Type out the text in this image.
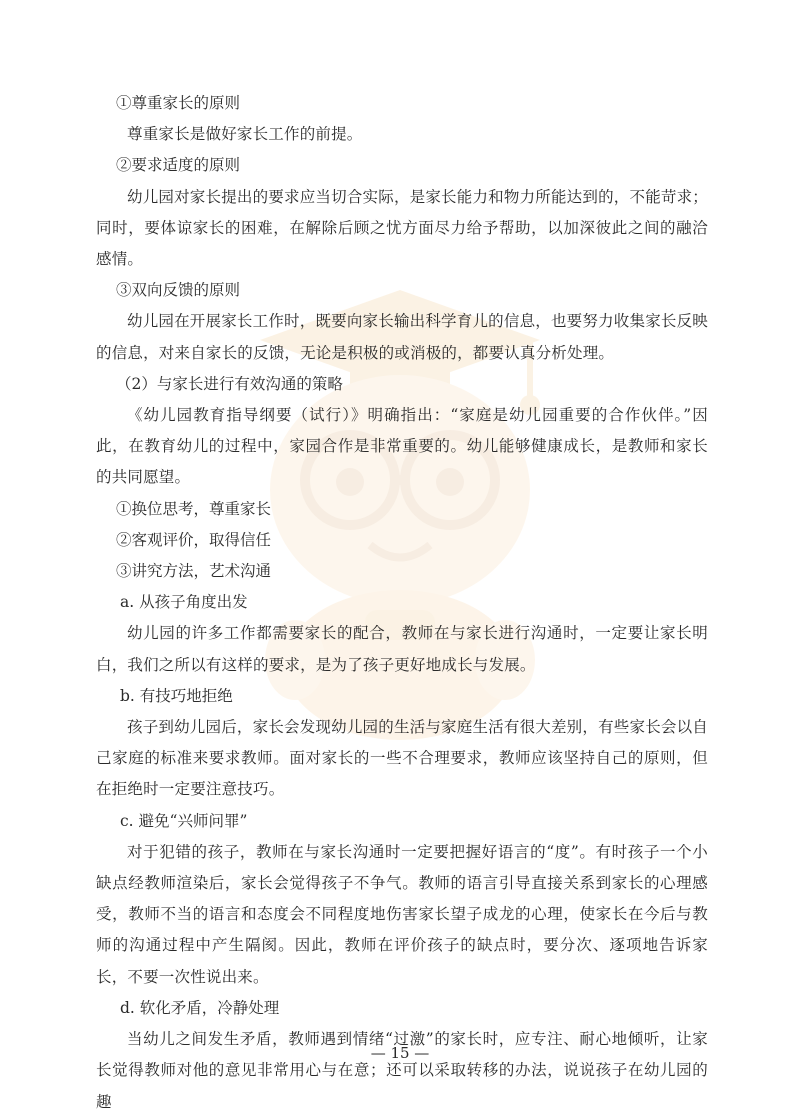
①尊重家长的原则

尊重家长是做好家长工作的前提。

②要求适度的原则

幼儿园对家长提出的要求应当切合实际，是家长能力和物力所能达到的，不能苛求；同时，要体谅家长的困难，在解除后顾之忧方面尽力给予帮助，以加深彼此之间的融洽感情。

③双向反馈的原则

幼儿园在开展家长工作时，既要向家长输出科学育儿的信息，也要努力收集家长反映的信息，对来自家长的反馈，无论是积极的或消极的，都要认真分析处理。

（2）与家长进行有效沟通的策略

《幼儿园教育指导纲要（试行）》明确指出：“家庭是幼儿园重要的合作伙伴。”因此，在教育幼儿的过程中，家园合作是非常重要的。幼儿能够健康成长，是教师和家长的共同愿望。

①换位思考，尊重家长

②客观评价，取得信任

③讲究方法，艺术沟通

a. 从孩子角度出发

幼儿园的许多工作都需要家长的配合，教师在与家长进行沟通时，一定要让家长明白，我们之所以有这样的要求，是为了孩子更好地成长与发展。

b. 有技巧地拒绝

孩子到幼儿园后，家长会发现幼儿园的生活与家庭生活有很大差别，有些家长会以自己家庭的标准来要求教师。面对家长的一些不合理要求，教师应该坚持自己的原则，但在拒绝时一定要注意技巧。

c. 避免“兴师问罪”

对于犯错的孩子，教师在与家长沟通时一定要把握好语言的“度”。有时孩子一个小缺点经教师渲染后，家长会觉得孩子不争气。教师的语言引导直接关系到家长的心理感受，教师不当的语言和态度会不同程度地伤害家长望子成龙的心理，使家长在今后与教师的沟通过程中产生隔阂。因此，教师在评价孩子的缺点时，要分次、逐项地告诉家长，不要一次性说出来。

d. 软化矛盾，冷静处理

当幼儿之间发生矛盾，教师遇到情绪“过激”的家长时，应专注、耐心地倾听，让家长觉得教师对他的意见非常用心与在意；还可以采取转移的办法，说说孩子在幼儿园的趣

— 15 —
